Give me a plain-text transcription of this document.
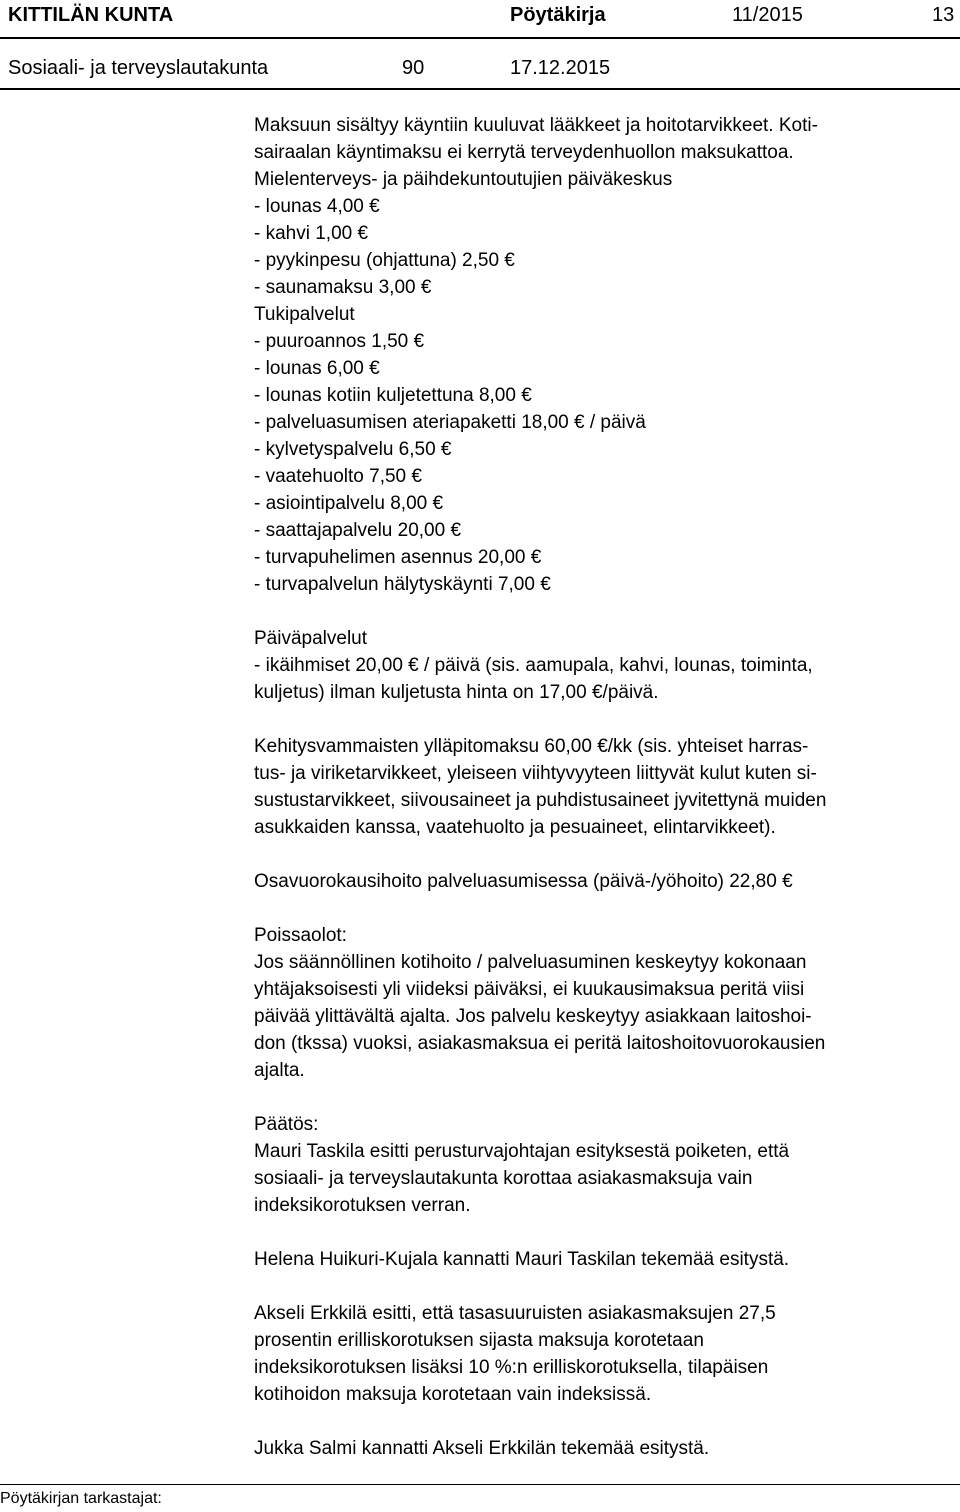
KITTILÄN KUNTA	Pöytäkirja	11/2015	13
Sosiaali- ja terveyslautakunta	90	17.12.2015
Maksuun sisältyy käyntiin kuuluvat lääkkeet ja hoitotarvikkeet. Koti-
sairaalan käyntimaksu ei kerrytä terveydenhuollon maksukattoa.
Mielenterveys- ja päihdekuntoutujien päiväkeskus
- lounas 4,00 €
- kahvi 1,00 €
- pyykinpesu (ohjattuna) 2,50 €
- saunamaksu 3,00 €
Tukipalvelut
- puuroannos 1,50 €
- lounas 6,00 €
- lounas kotiin kuljetettuna 8,00 €
- palveluasumisen ateriapaketti 18,00 € / päivä
- kylvetyspalvelu 6,50 €
- vaatehuolto 7,50 €
- asiointipalvelu 8,00 €
- saattajapalvelu 20,00 €
- turvapuhelimen asennus 20,00 €
- turvapalvelun hälytyskäynti 7,00 €
Päiväpalvelut
- ikäihmiset 20,00 € / päivä (sis. aamupala, kahvi, lounas, toiminta,
kuljetus) ilman kuljetusta hinta on 17,00 €/päivä.
Kehitysvammaisten ylläpitomaksu 60,00 €/kk (sis. yhteiset harras-
tus- ja viriketarvikkeet, yleiseen viihtyvyyteen liittyvät kulut kuten si-
sustustarvikkeet, siivousaineet ja puhdistusaineet jyvitettynä muiden
asukkaiden kanssa, vaatehuolto ja pesuaineet, elintarvikkeet).
Osavuorokausihoito palveluasumisessa (päivä-/yöhoito) 22,80 €
Poissaolot:
Jos säännöllinen kotihoito / palveluasuminen keskeytyy kokonaan
yhtäjaksoisesti yli viideksi päiväksi, ei kuukausimaksua peritä viisi
päivää ylittävältä ajalta. Jos palvelu keskeytyy asiakkaan laitoshoi-
don (tkssa) vuoksi, asiakasmaksua ei peritä laitoshoitovuorokausien
ajalta.
Päätös:
Mauri Taskila esitti perusturvajohtajan esityksestä poiketen, että
sosiaali- ja terveyslautakunta korottaa asiakasmaksuja vain
indeksikorotuksen verran.
Helena Huikuri-Kujala kannatti Mauri Taskilan tekemää esitystä.
Akseli Erkkilä esitti, että tasasuuruisten asiakasmaksujen 27,5
prosentin erilliskorotuksen sijasta maksuja korotetaan
indeksikorotuksen lisäksi 10 %:n erilliskorotuksella, tilapäisen
kotihoidon maksuja korotetaan vain indeksissä.
Jukka Salmi kannatti Akseli Erkkilän tekemää esitystä.
Pöytäkirjan tarkastajat:
